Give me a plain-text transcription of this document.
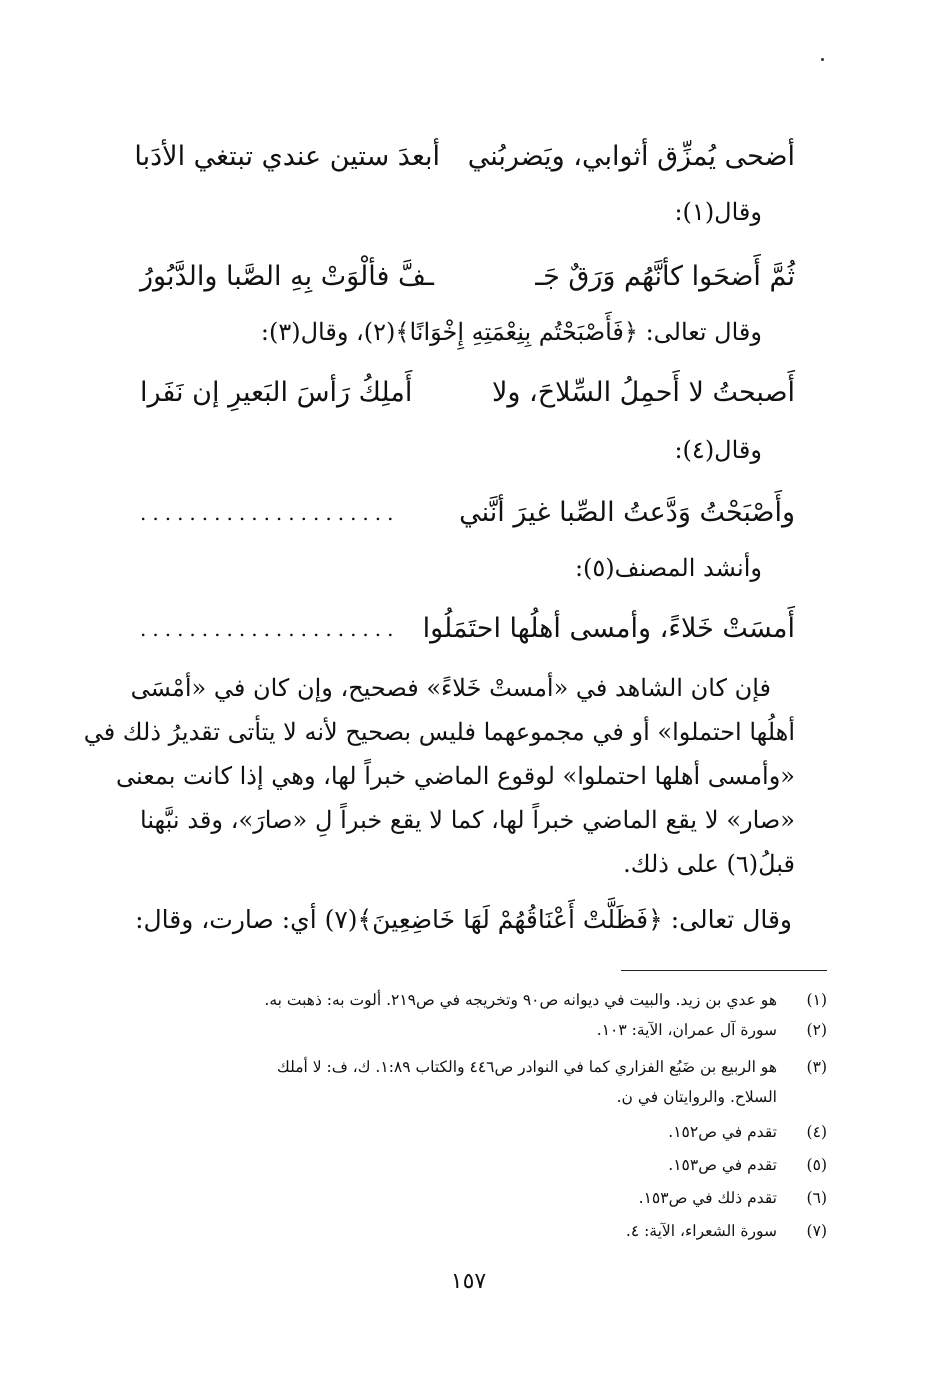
أضحى يُمزِّق أثوابي، ويَضربُني
أبعدَ ستين عندي تبتغي الأدَبا
وقال(١):
ثُمَّ أَضحَوا كأنَّهُم وَرَقٌ جَـ
ـفَّ فألْوَتْ بِهِ الصَّبا والدَّبُورُ
وقال تعالى: ﴿فَأَصْبَحْتُم بِنِعْمَتِهِ إِخْوَانًا﴾(٢)، وقال(٣):
أَصبحتُ لا أَحمِلُ السِّلاحَ، ولا
أَملِكُ رَأسَ البَعيرِ إن نَفَرا
وقال(٤):
وأَصْبَحْتُ وَدَّعتُ الصِّبا غيرَ أنَّني
.....................
وأنشد المصنف(٥):
أَمسَتْ خَلاءً، وأمسى أهلُها احتَمَلُوا
.....................
فإن كان الشاهد في «أمستْ خَلاءً» فصحيح، وإن كان في «أمْسَى
أهلُها احتملوا» أو في مجموعهما فليس بصحيح لأنه لا يتأتى تقديرُ ذلك في
«وأمسى أهلها احتملوا» لوقوع الماضي خبراً لها، وهي إذا كانت بمعنى
«صار» لا يقع الماضي خبراً لها، كما لا يقع خبراً لِ «صارَ»، وقد نبَّهنا
قبلُ(٦) على ذلك.
وقال تعالى: ﴿فَظَلَّتْ أَعْنَاقُهُمْ لَهَا خَاضِعِينَ﴾(٧) أي: صارت، وقال:
(١)
هو عدي بن زيد. والبيت في ديوانه ص٩٠ وتخريجه في ص٢١٩. ألوت به: ذهبت به.
(٢)
سورة آل عمران، الآية: ١٠٣.
(٣)
هو الربيع بن ضَبُع الفزاري كما في النوادر ص٤٤٦ والكتاب ١:٨٩. ك، ف: لا أملك
السلاح. والروايتان في ن.
(٤)
تقدم في ص١٥٢.
(٥)
تقدم في ص١٥٣.
(٦)
تقدم ذلك في ص١٥٣.
(٧)
سورة الشعراء، الآية: ٤.
١٥٧
